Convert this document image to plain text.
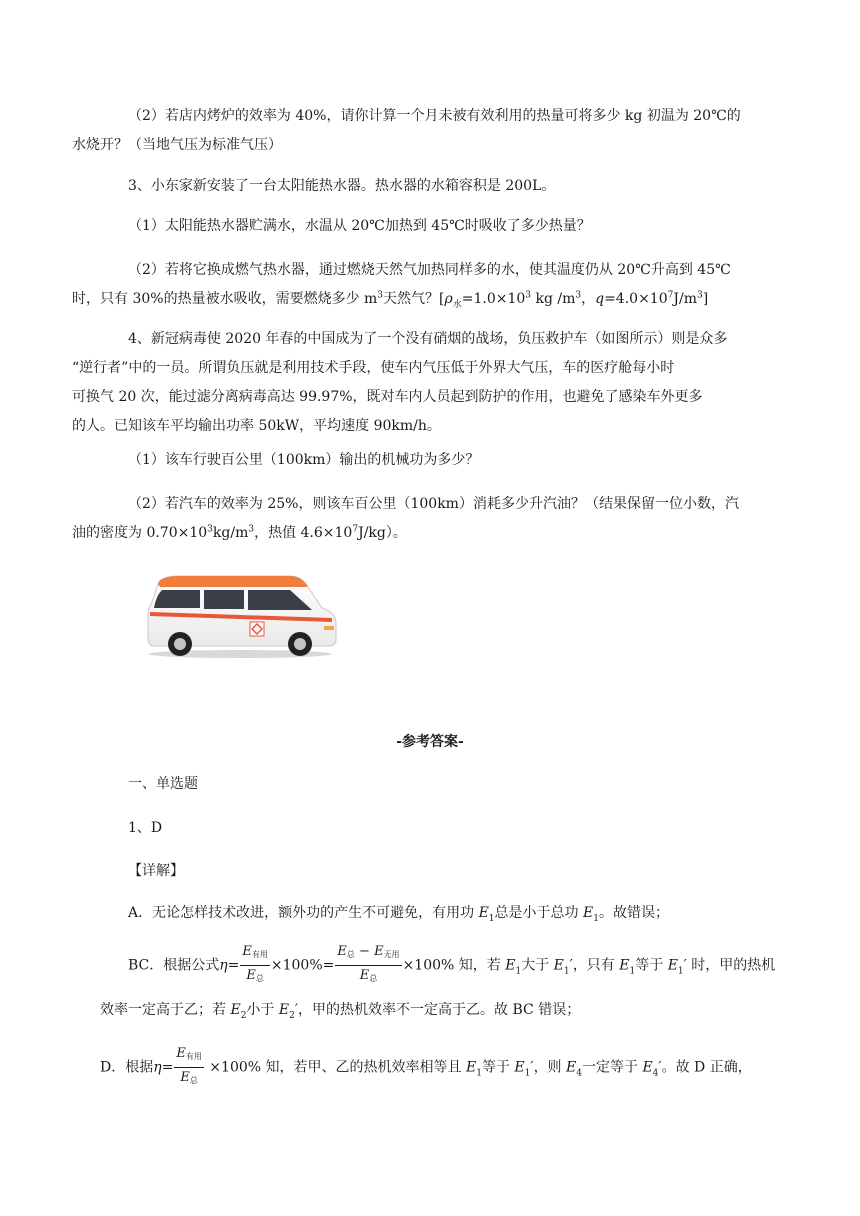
（2）若店内烤炉的效率为 40%，请你计算一个月未被有效利用的热量可将多少 kg 初温为 20℃的
水烧开？（当地气压为标准气压）

3、小东家新安装了一台太阳能热水器。热水器的水箱容积是 200L。

（1）太阳能热水器贮满水，水温从 20℃加热到 45℃时吸收了多少热量？

（2）若将它换成燃气热水器，通过燃烧天然气加热同样多的水，使其温度仍从 20℃升高到 45℃
时，只有 30%的热量被水吸收，需要燃烧多少 $m^3$天然气？[$\rho_水=1.0\times 10^3$ kg $/m^3$，$q=4.0\times 10^7J/m^3$]

4、新冠病毒使 2020 年春的中国成为了一个没有硝烟的战场，负压救护车（如图所示）则是众多
“逆行者”中的一员。所谓负压就是利用技术手段，使车内气压低于外界大气压，车的医疗舱每小时
可换气 20 次，能过滤分离病毒高达 99.97%，既对车内人员起到防护的作用，也避免了感染车外更多
的人。已知该车平均输出功率 50kW，平均速度 90km/h。

（1）该车行驶百公里（100km）输出的机械功为多少？

（2）若汽车的效率为 25%，则该车百公里（100km）消耗多少升汽油？（结果保留一位小数，汽
油的密度为 $0.70\times 10^3kg/m^3$，热值 $4.6\times 10^7J/kg$）。

-参考答案-

一、单选题

1、D

【详解】

A．无论怎样技术改进，额外功的产生不可避免，有用功 $E_1$总是小于总功 $E_1$。故错误；

BC．根据公式$\eta= \frac{\text{E有用}}{\text{E总}} \times 100\%= \frac{\text{E总 − E无用}}{\text{E总}} \times 100\%$ 知，若 $E_1$大于 $E_1'$，只有 $E_1$等于 $E_1'$ 时，甲的热机
效率一定高于乙；若 $E_2$小于 $E_2'$，甲的热机效率不一定高于乙。故 BC 错误；
D．根据$\eta= \frac{\text{E有用}}{\text{E总}} \times 100\%$ 知，若甲、乙的热机效率相等且 $E_1$等于 $E_1'$，则 $E_4$一定等于 $E_4'$。故 D 正确，
